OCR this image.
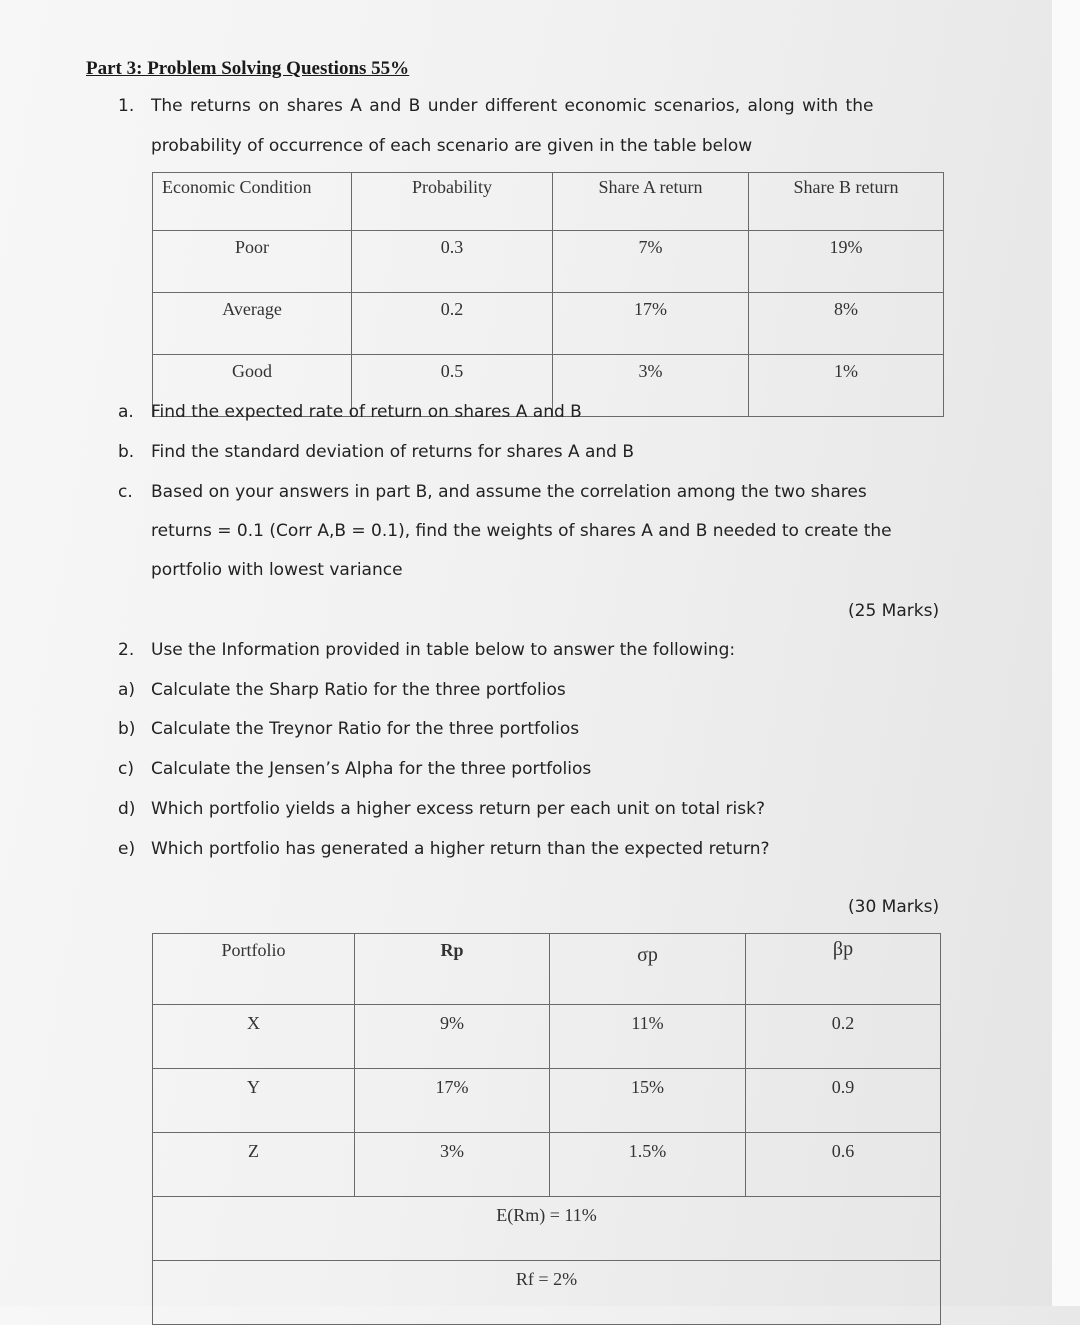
Part 3: Problem Solving Questions 55%
1. The returns on shares A and B under different economic scenarios, along with the
probability of occurrence of each scenario are given in the table below
Economic Condition	Probability	Share A return	Share B return
Poor	0.3	7%	19%
Average	0.2	17%	8%
Good	0.5	3%	1%
a. Find the expected rate of return on shares A and B
b. Find the standard deviation of returns for shares A and B
c. Based on your answers in part B, and assume the correlation among the two shares
returns = 0.1 (Corr A,B = 0.1), find the weights of shares A and B needed to create the
portfolio with lowest variance
(25 Marks)
2. Use the Information provided in table below to answer the following:
a) Calculate the Sharp Ratio for the three portfolios
b) Calculate the Treynor Ratio for the three portfolios
c) Calculate the Jensen’s Alpha for the three portfolios
d) Which portfolio yields a higher excess return per each unit on total risk?
e) Which portfolio has generated a higher return than the expected return?
(30 Marks)
Portfolio	Rp	σp	βp
X	9%	11%	0.2
Y	17%	15%	0.9
Z	3%	1.5%	0.6
E(Rm) = 11%			
Rf = 2%			
